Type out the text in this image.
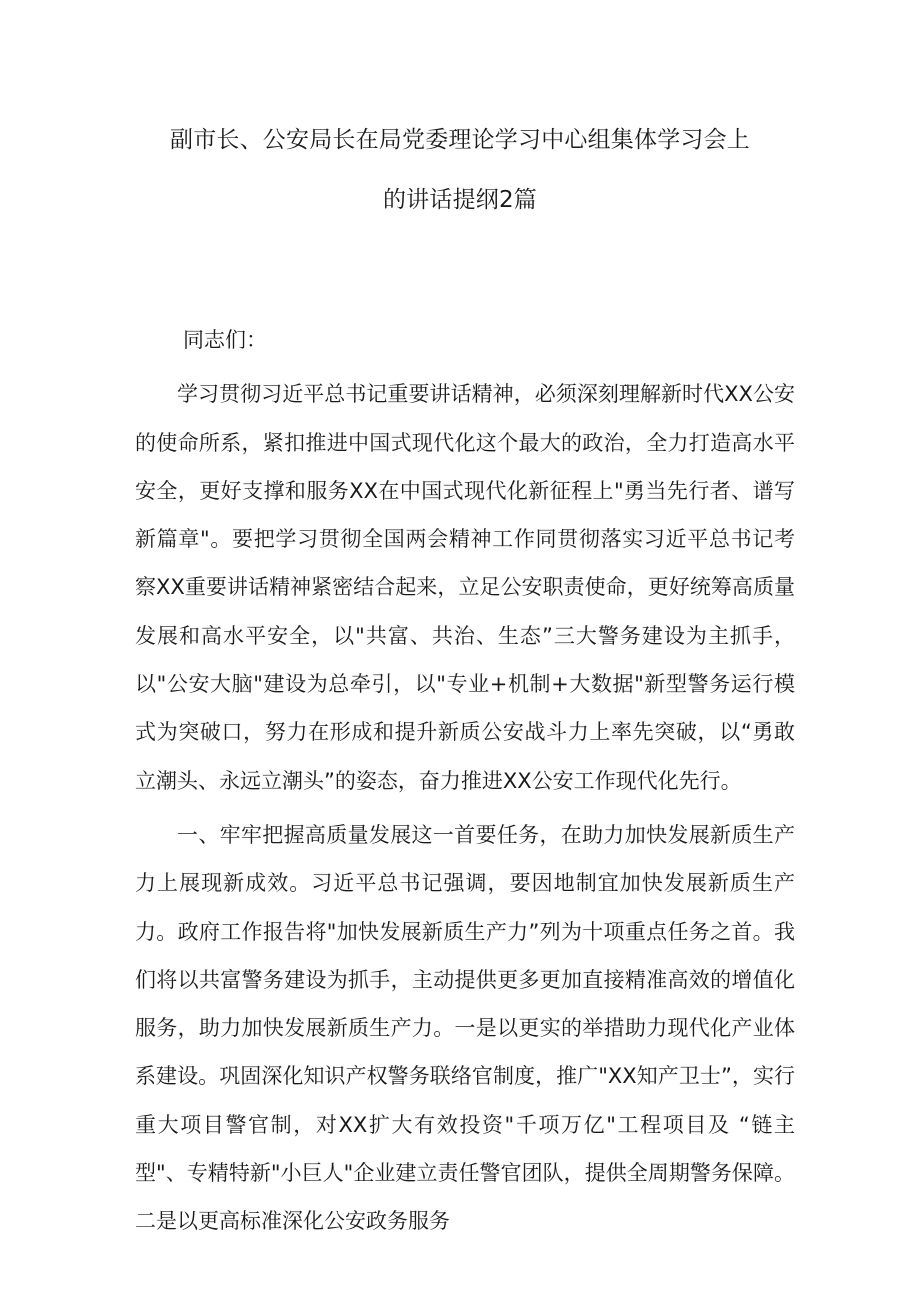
副市长、公安局长在局党委理论学习中心组集体学习会上
的讲话提纲2篇

同志们：

学习贯彻习近平总书记重要讲话精神，必须深刻理解新时代XX公安的使命所系，紧扣推进中国式现代化这个最大的政治，全力打造高水平安全，更好支撑和服务XX在中国式现代化新征程上"勇当先行者、谱写新篇章"。要把学习贯彻全国两会精神工作同贯彻落实习近平总书记考察XX重要讲话精神紧密结合起来，立足公安职责使命，更好统筹高质量发展和高水平安全，以"共富、共治、生态”三大警务建设为主抓手，以"公安大脑"建设为总牵引，以"专业+机制+大数据"新型警务运行模式为突破口，努力在形成和提升新质公安战斗力上率先突破，以“勇敢立潮头、永远立潮头”的姿态，奋力推进XX公安工作现代化先行。

一、牢牢把握高质量发展这一首要任务，在助力加快发展新质生产力上展现新成效。习近平总书记强调，要因地制宜加快发展新质生产力。政府工作报告将"加快发展新质生产力”列为十项重点任务之首。我们将以共富警务建设为抓手，主动提供更多更加直接精准高效的增值化服务，助力加快发展新质生产力。一是以更实的举措助力现代化产业体系建设。巩固深化知识产权警务联络官制度，推广"XX知产卫士”，实行重大项目警官制，对XX扩大有效投资"千项万亿"工程项目及 “链主型"、专精特新"小巨人"企业建立责任警官团队，提供全周期警务保障。二是以更高标准深化公安政务服务
